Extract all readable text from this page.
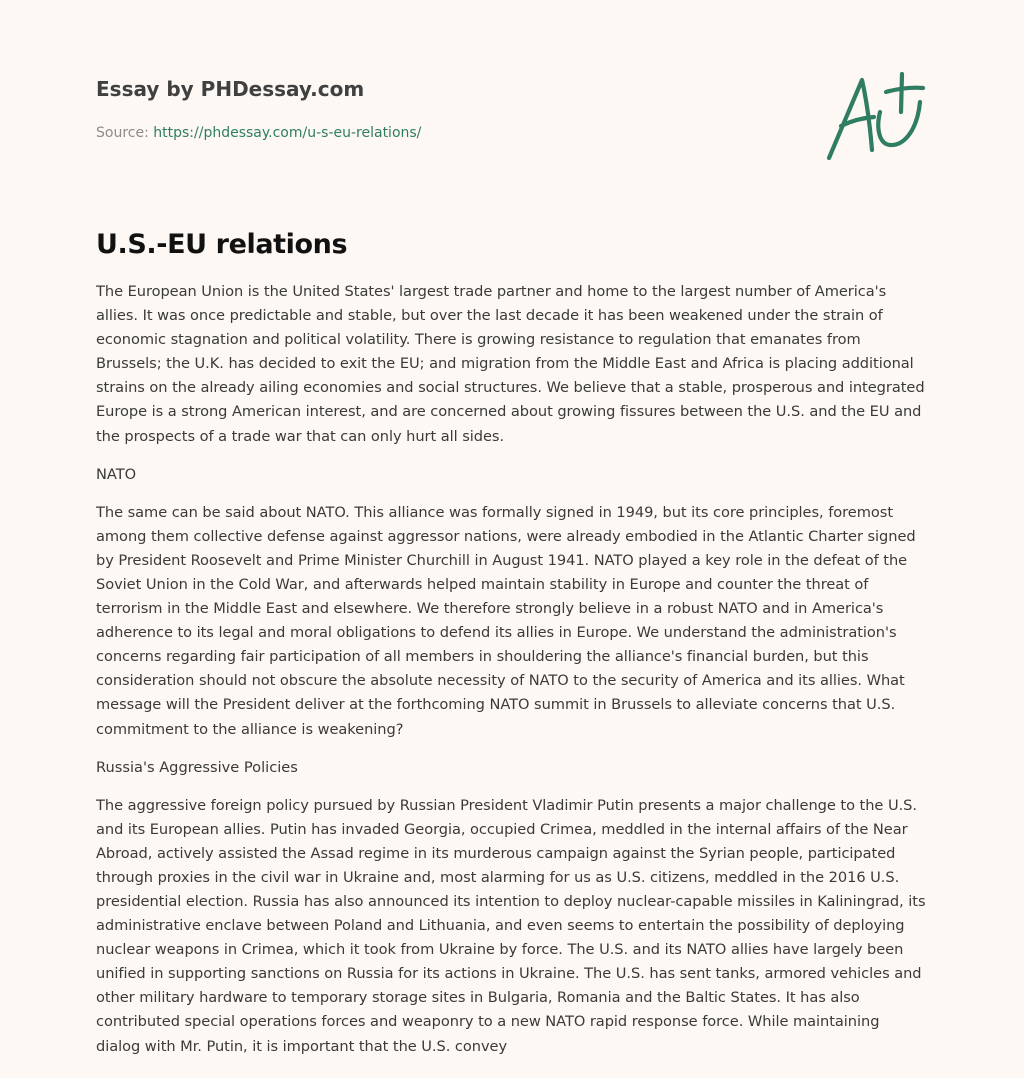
Essay by PHDessay.com
Source: https://phdessay.com/u-s-eu-relations/
U.S.-EU relations

The European Union is the United States' largest trade partner and home to the largest number of America's allies. It was once predictable and stable, but over the last decade it has been weakened under the strain of economic stagnation and political volatility. There is growing resistance to regulation that emanates from Brussels; the U.K. has decided to exit the EU; and migration from the Middle East and Africa is placing additional strains on the already ailing economies and social structures. We believe that a stable, prosperous and integrated Europe is a strong American interest, and are concerned about growing fissures between the U.S. and the EU and the prospects of a trade war that can only hurt all sides.

NATO

The same can be said about NATO. This alliance was formally signed in 1949, but its core principles, foremost among them collective defense against aggressor nations, were already embodied in the Atlantic Charter signed by President Roosevelt and Prime Minister Churchill in August 1941. NATO played a key role in the defeat of the Soviet Union in the Cold War, and afterwards helped maintain stability in Europe and counter the threat of terrorism in the Middle East and elsewhere. We therefore strongly believe in a robust NATO and in America's adherence to its legal and moral obligations to defend its allies in Europe. We understand the administration's concerns regarding fair participation of all members in shouldering the alliance's financial burden, but this consideration should not obscure the absolute necessity of NATO to the security of America and its allies. What message will the President deliver at the forthcoming NATO summit in Brussels to alleviate concerns that U.S. commitment to the alliance is weakening?

Russia's Aggressive Policies

The aggressive foreign policy pursued by Russian President Vladimir Putin presents a major challenge to the U.S. and its European allies. Putin has invaded Georgia, occupied Crimea, meddled in the internal affairs of the Near Abroad, actively assisted the Assad regime in its murderous campaign against the Syrian people, participated through proxies in the civil war in Ukraine and, most alarming for us as U.S. citizens, meddled in the 2016 U.S. presidential election. Russia has also announced its intention to deploy nuclear-capable missiles in Kaliningrad, its administrative enclave between Poland and Lithuania, and even seems to entertain the possibility of deploying nuclear weapons in Crimea, which it took from Ukraine by force. The U.S. and its NATO allies have largely been unified in supporting sanctions on Russia for its actions in Ukraine. The U.S. has sent tanks, armored vehicles and other military hardware to temporary storage sites in Bulgaria, Romania and the Baltic States. It has also contributed special operations forces and weaponry to a new NATO rapid response force. While maintaining dialog with Mr. Putin, it is important that the U.S. convey
